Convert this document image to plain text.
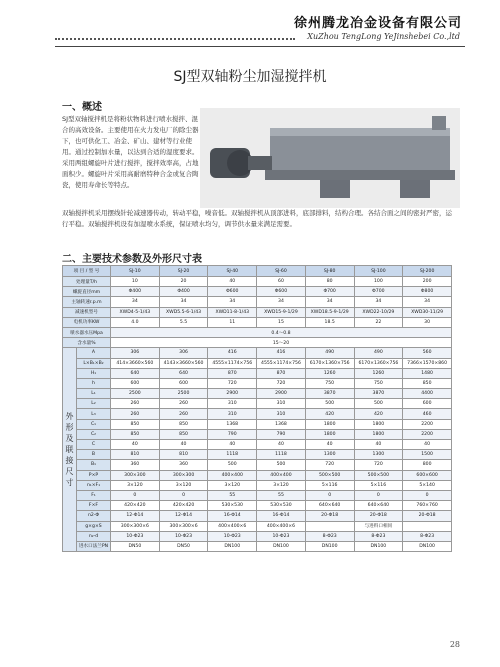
徐州腾龙冶金设备有限公司
XuZhou TengLong YeJinshebei Co.,ltd
SJ型双轴粉尘加湿搅拌机
一、概述
SJ型双轴搅拌机是将粉状物料进行喷水搅拌、混合的高效设备。主要使用在火力发电厂的除尘器下，也可供化工、冶金、矿山、建材等行业使用。通过控制加水量，以达到合适的湿度要求。采用两组螺旋叶片进行搅拌，搅拌效率高，占地面积少。螺旋叶片采用高耐磨特种合金或复合陶瓷，使用寿命长等特点。
双轴搅拌机采用摆线针轮减速器传动，转动平稳，噪音低。双轴搅拌机从顶部进料，底部排料，结构合理。各结合面之间的密封严密，运行平稳。双轴搅拌机设有加湿喷水系统，保证喷水均匀，调节供水量来满足需要。
二、主要技术参数及外形尺寸表
项 目 / 型 号		SJ-10	SJ-20	SJ-40	SJ-60	SJ-80	SJ-100	SJ-200
处理量T/h		10	20	40	60	80	100	200
螺旋直径mm		Φ400	Φ400	Φ600	Φ600	Φ700	Φ700	Φ800
主轴转速r.p.m		34	34	34	34	34	34	34
减速机型号		XWD4-5-1/43	XWD5.5-6-1/43	XWD11-8-1/43	XWD15-9-1/29	XWD18.5-9-1/29	XWD22-10/29	XWD30-11/29
电机功率KW		4.0	5.5	11	15	18.5	22	30
喷水器水压Mpa		0.4～0.8						
含水量%		15～20						
外形及联接尺寸	A	306	306	416	416	490	490	560
	L×B₁×B₂	414×3660×560	4143×3660×560	4555×1174×756	4555×1174×756	6170×1360×756	6170×1360×756	7366×1570×860
	H₁	640	640	870	870	1260	1260	1480
	h	600	600	720	720	750	750	850
	L₁	2500	2500	2900	2900	3870	3870	4400
	L₂	260	260	310	310	500	500	600
	L₃	260	260	310	310	420	420	460
	C₁	850	850	1368	1368	1800	1800	2200
	C₂	850	850	790	790	1800	1800	2200
	C	40	40	40	40	40	40	40
	B	810	810	1118	1118	1300	1300	1500
	B₁	360	360	500	500	720	720	800
	P×P	300×300	300×300	400×400	400×400	500×500	500×500	600×600
	n₁×F₁	3×120	3×120	3×120	3×120	5×116	5×116	5×140
	F₁	0	0	55	55	0	0	0
	F×F	420×420	420×420	530×530	530×530	640×640	640×640	760×760
	n2-Φ	12-Φ14	12-Φ14	16-Φ14	16-Φ14	20-Φ18	20-Φ18	20-Φ18
	g×g×S	300×300×6	300×300×6	400×400×6	400×400×6		与进料口相同	
	n₂-d	10-Φ23	10-Φ23	10-Φ23	10-Φ23	8-Φ23	8-Φ23	8-Φ23
	进水口法兰PN	DN50	DN50	DN100	DN100	DN100	DN100	DN100
28
